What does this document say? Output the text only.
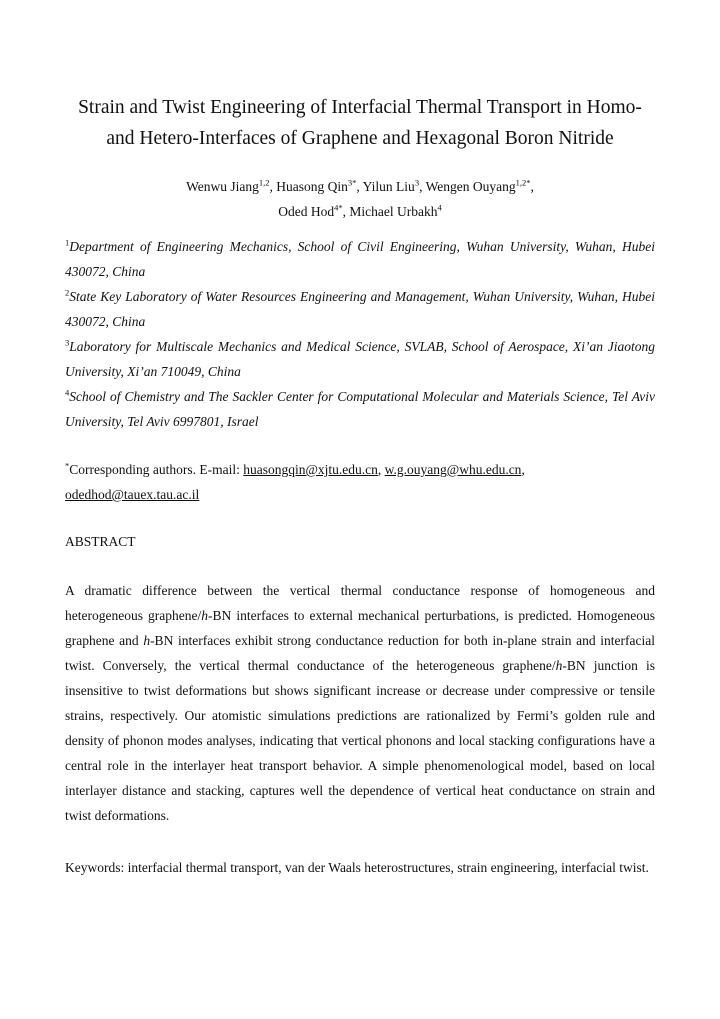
Strain and Twist Engineering of Interfacial Thermal Transport in Homo-
and Hetero-Interfaces of Graphene and Hexagonal Boron Nitride
Wenwu Jiang$^{1,2}$, Huasong Qin$^{3*}$, Yilun Liu$^3$, Wengen Ouyang$^{1,2*}$,
Oded Hod$^{4*}$, Michael Urbakh$^4$
$^1$Department of Engineering Mechanics, School of Civil Engineering, Wuhan University, Wuhan, Hubei 430072, China
$^2$State Key Laboratory of Water Resources Engineering and Management, Wuhan University, Wuhan, Hubei 430072, China
$^3$Laboratory for Multiscale Mechanics and Medical Science, SVLAB, School of Aerospace, Xi’an Jiaotong University, Xi’an 710049, China
$^4$School of Chemistry and The Sackler Center for Computational Molecular and Materials Science, Tel Aviv University, Tel Aviv 6997801, Israel
*Corresponding authors. E-mail: huasongqin@xjtu.edu.cn, w.g.ouyang@whu.edu.cn,
odedhod@tauex.tau.ac.il
ABSTRACT

A dramatic difference between the vertical thermal conductance response of homogeneous and heterogeneous graphene/h-BN interfaces to external mechanical perturbations, is predicted. Homogeneous graphene and h-BN interfaces exhibit strong conductance reduction for both in-plane strain and interfacial twist. Conversely, the vertical thermal conductance of the heterogeneous graphene/h-BN junction is insensitive to twist deformations but shows significant increase or decrease under compressive or tensile strains, respectively. Our atomistic simulations predictions are rationalized by Fermi’s golden rule and density of phonon modes analyses, indicating that vertical phonons and local stacking configurations have a central role in the interlayer heat transport behavior. A simple phenomenological model, based on local interlayer distance and stacking, captures well the dependence of vertical heat conductance on strain and twist deformations.

Keywords: interfacial thermal transport, van der Waals heterostructures, strain engineering, interfacial twist.
